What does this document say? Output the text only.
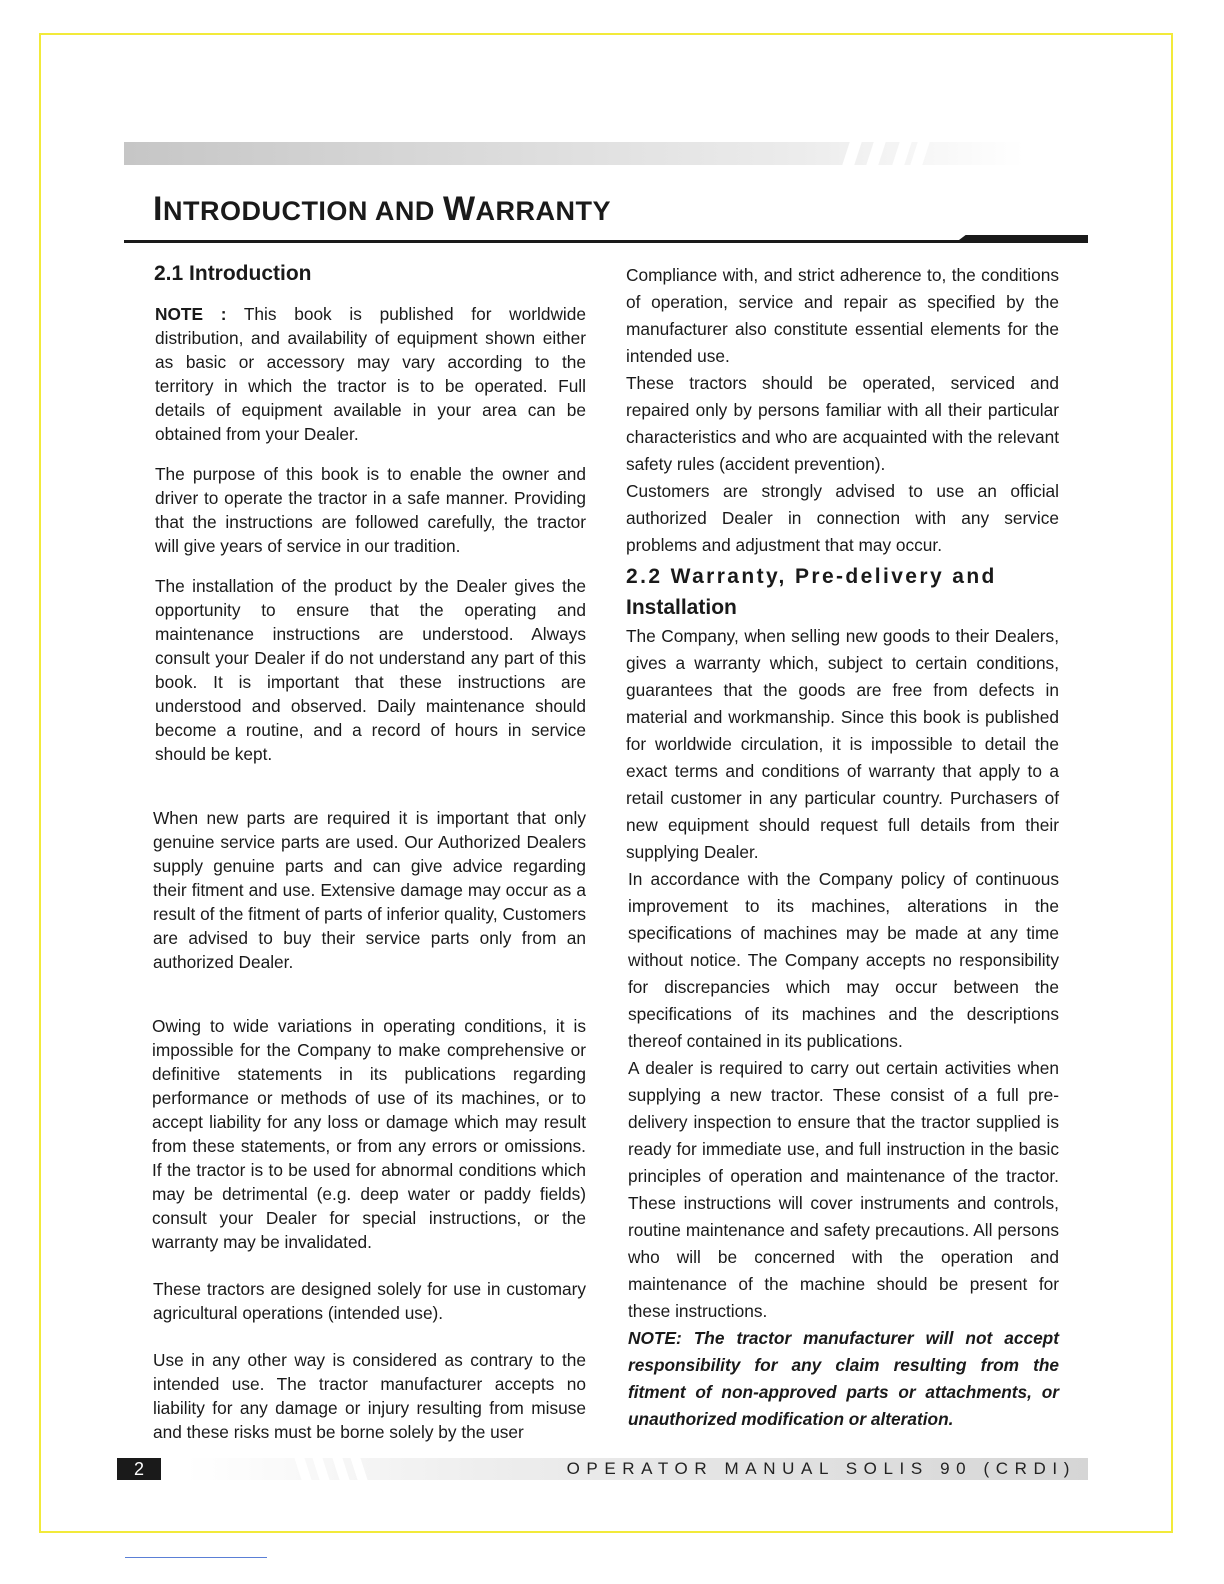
INTRODUCTION AND WARRANTY
2.1 Introduction

NOTE : This book is published for worldwide distribution, and availability of equipment shown either as basic or accessory may vary according to the territory in which the tractor is to be operated. Full details of equipment available in your area can be obtained from your Dealer.

The purpose of this book is to enable the owner and driver to operate the tractor in a safe manner. Providing that the instructions are followed carefully, the tractor will give years of service in our tradition.

The installation of the product by the Dealer gives the opportunity to ensure that the operating and maintenance instructions are understood. Always consult your Dealer if do not understand any part of this book. It is important that these instructions are understood and observed. Daily maintenance should become a routine, and a record of hours in service should be kept.

When new parts are required it is important that only genuine service parts are used. Our Authorized Dealers supply genuine parts and can give advice regarding their fitment and use. Extensive damage may occur as a result of the fitment of parts of inferior quality, Customers are advised to buy their service parts only from an authorized Dealer.

Owing to wide variations in operating conditions, it is impossible for the Company to make comprehensive or definitive statements in its publications regarding performance or methods of use of its machines, or to accept liability for any loss or damage which may result from these statements, or from any errors or omissions. If the tractor is to be used for abnormal conditions which may be detrimental (e.g. deep water or paddy fields) consult your Dealer for special instructions, or the warranty may be invalidated.

These tractors are designed solely for use in customary agricultural operations (intended use).

Use in any other way is considered as contrary to the intended use. The tractor manufacturer accepts no liability for any damage or injury resulting from misuse and these risks must be borne solely by the user

Compliance with, and strict adherence to, the conditions of operation, service and repair as specified by the manufacturer also constitute essential elements for the intended use.

These tractors should be operated, serviced and repaired only by persons familiar with all their particular characteristics and who are acquainted with the relevant safety rules (accident prevention).

Customers are strongly advised to use an official authorized Dealer in connection with any service problems and adjustment that may occur.

2.2 Warranty, Pre-delivery and
Installation

The Company, when selling new goods to their Dealers, gives a warranty which, subject to certain conditions, guarantees that the goods are free from defects in material and workmanship. Since this book is published for worldwide circulation, it is impossible to detail the exact terms and conditions of warranty that apply to a retail customer in any particular country. Purchasers of new equipment should request full details from their supplying Dealer.

In accordance with the Company policy of continuous improvement to its machines, alterations in the specifications of machines may be made at any time without notice. The Company accepts no responsibility for discrepancies which may occur between the specifications of its machines and the descriptions thereof contained in its publications.

A dealer is required to carry out certain activities when supplying a new tractor. These consist of a full pre-delivery inspection to ensure that the tractor supplied is ready for immediate use, and full instruction in the basic principles of operation and maintenance of the tractor. These instructions will cover instruments and controls, routine maintenance and safety precautions. All persons who will be concerned with the operation and maintenance of the machine should be present for these instructions.

NOTE: The tractor manufacturer will not accept responsibility for any claim resulting from the fitment of non-approved parts or attachments, or unauthorized modification or alteration.

2	OPERATOR MANUAL SOLIS 90 (CRDI)
